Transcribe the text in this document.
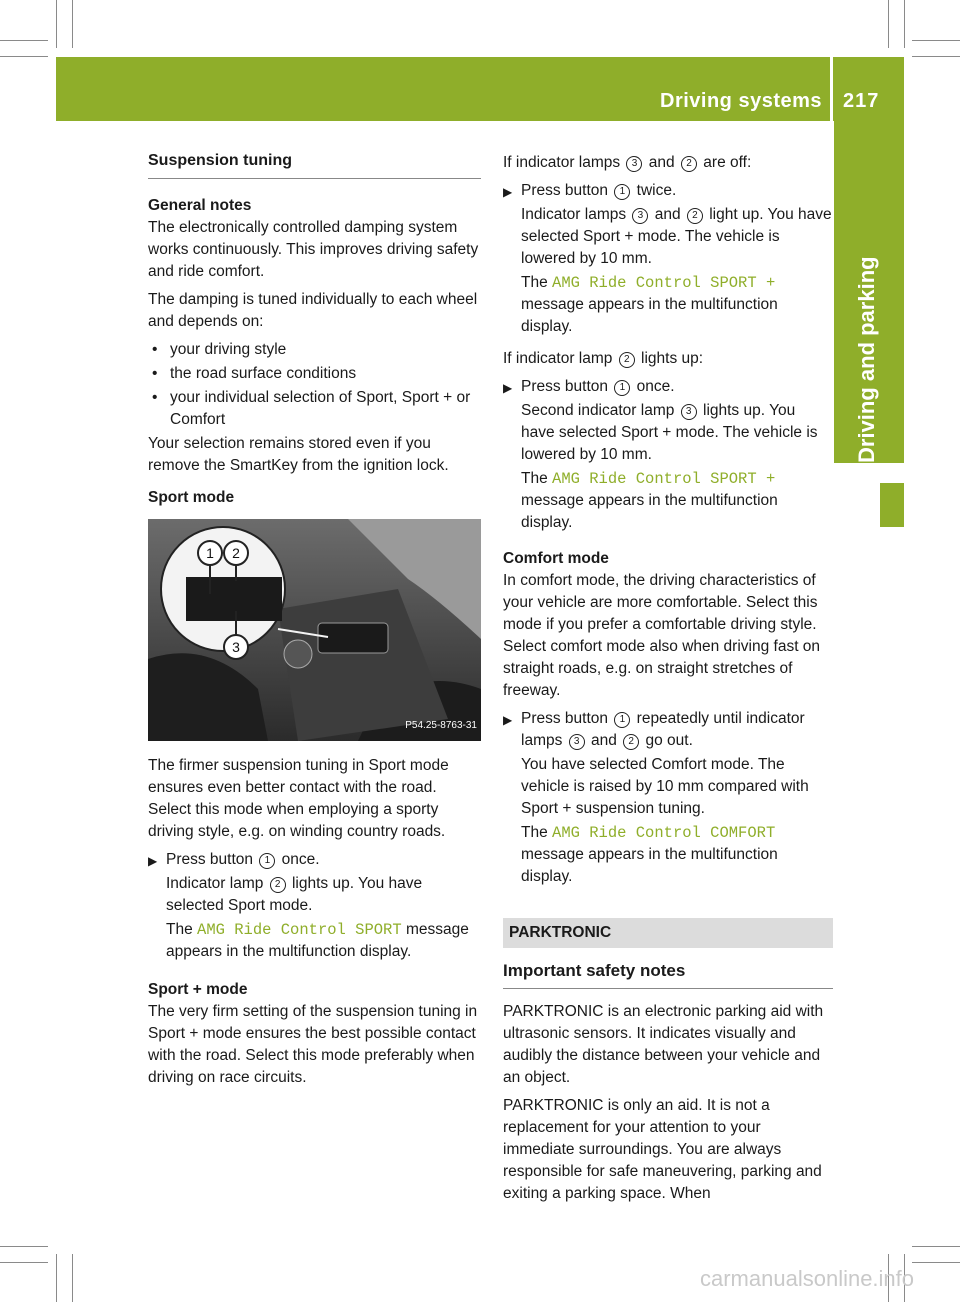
Driving systems 217
Driving and parking
Suspension tuning
General notes

The electronically controlled damping system works continuously. This improves driving safety and ride comfort.

The damping is tuned individually to each wheel and depends on:

• your driving style
• the road surface conditions
• your individual selection of Sport, Sport + or Comfort

Your selection remains stored even if you remove the SmartKey from the ignition lock.

Sport mode
1 2
3
P54.25-8763-31

The firmer suspension tuning in Sport mode ensures even better contact with the road. Select this mode when employing a sporty driving style, e.g. on winding country roads.

▶ Press button 1 once.

Indicator lamp 2 lights up. You have selected Sport mode.

The AMG Ride Control SPORT message appears in the multifunction display.

Sport + mode

The very firm setting of the suspension tuning in Sport + mode ensures the best possible contact with the road. Select this mode preferably when driving on race circuits.

If indicator lamps 3 and 2 are off:

▶ Press button 1 twice.

Indicator lamps 3 and 2 light up. You have selected Sport + mode. The vehicle is lowered by 10 mm.

The AMG Ride Control SPORT + message appears in the multifunction display.

If indicator lamp 2 lights up:

▶ Press button 1 once.

Second indicator lamp 3 lights up. You have selected Sport + mode. The vehicle is lowered by 10 mm.

The AMG Ride Control SPORT + message appears in the multifunction display.

Comfort mode

In comfort mode, the driving characteristics of your vehicle are more comfortable. Select this mode if you prefer a comfortable driving style. Select comfort mode also when driving fast on straight roads, e.g. on straight stretches of freeway.

▶ Press button 1 repeatedly until indicator lamps 3 and 2 go out.

You have selected Comfort mode. The vehicle is raised by 10 mm compared with Sport + suspension tuning.

The AMG Ride Control COMFORT message appears in the multifunction display.

PARKTRONIC
Important safety notes

PARKTRONIC is an electronic parking aid with ultrasonic sensors. It indicates visually and audibly the distance between your vehicle and an object.

PARKTRONIC is only an aid. It is not a replacement for your attention to your immediate surroundings. You are always responsible for safe maneuvering, parking and exiting a parking space. When

carmanualsonline.info
